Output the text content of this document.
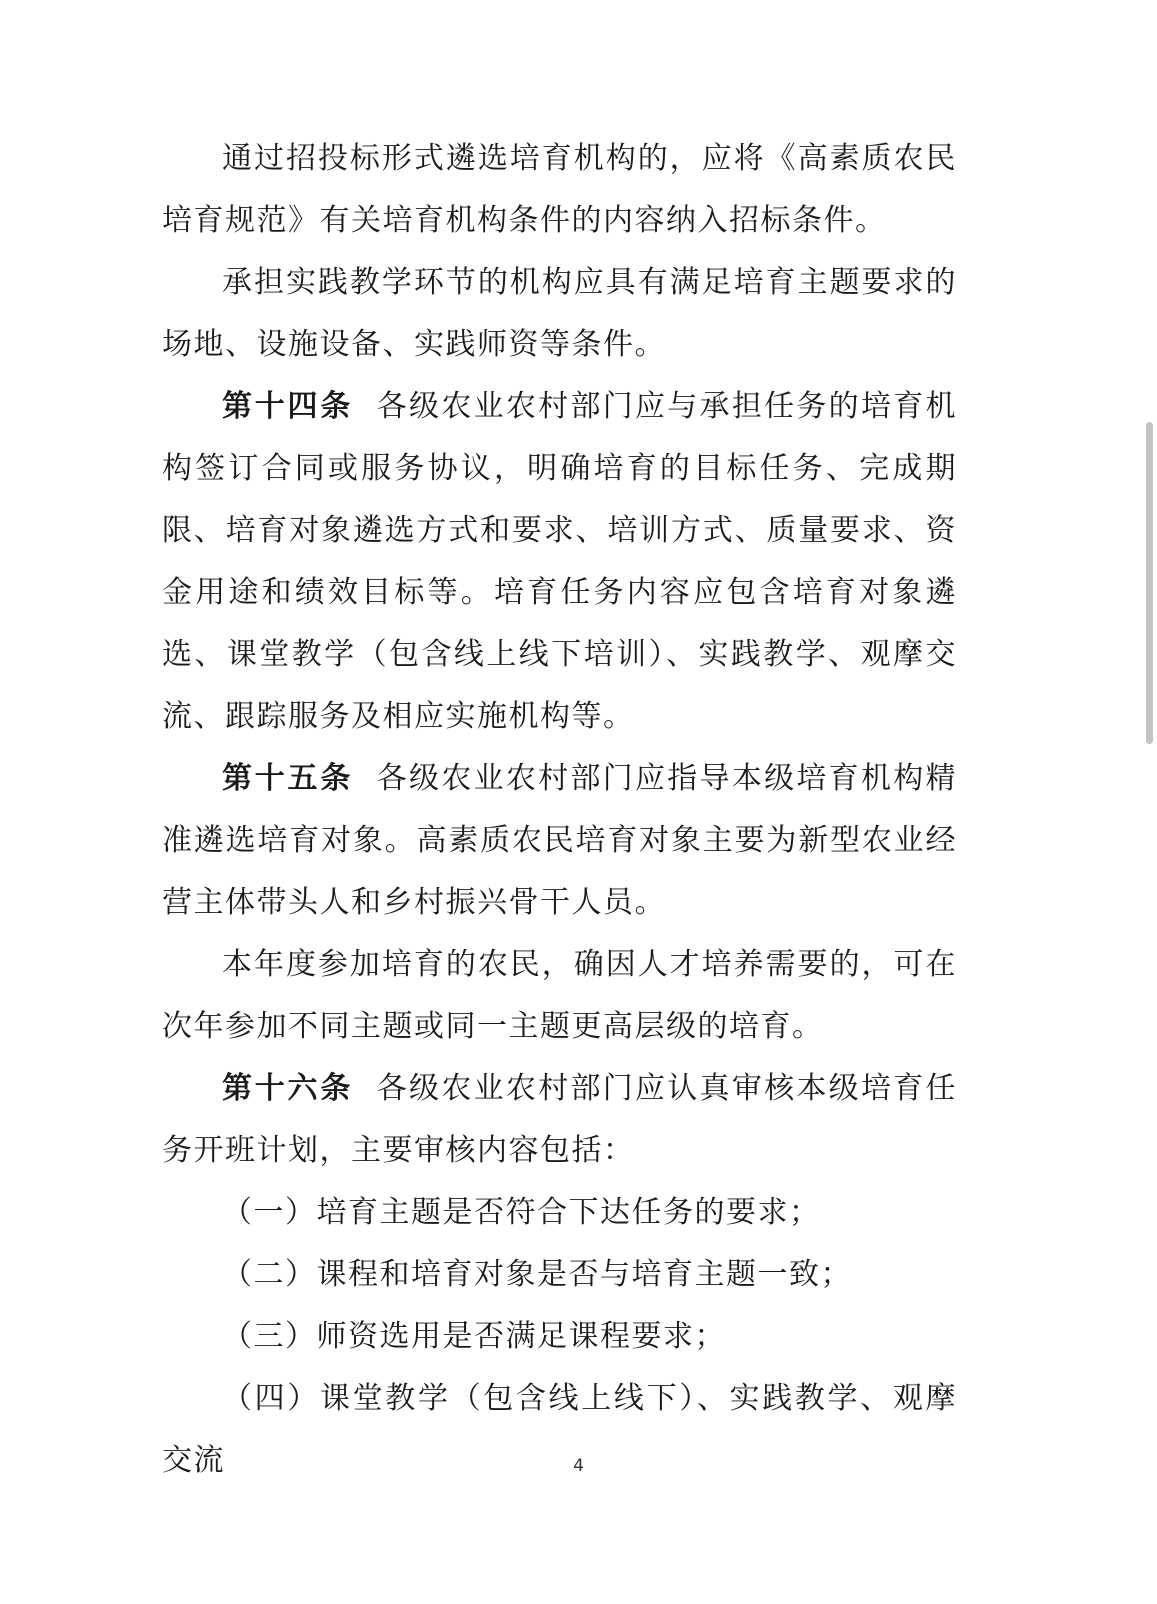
通过招投标形式遴选培育机构的，应将《高素质农民培育规范》有关培育机构条件的内容纳入招标条件。

承担实践教学环节的机构应具有满足培育主题要求的场地、设施设备、实践师资等条件。

第十四条 各级农业农村部门应与承担任务的培育机构签订合同或服务协议，明确培育的目标任务、完成期限、培育对象遴选方式和要求、培训方式、质量要求、资金用途和绩效目标等。培育任务内容应包含培育对象遴选、课堂教学（包含线上线下培训）、实践教学、观摩交流、跟踪服务及相应实施机构等。

第十五条 各级农业农村部门应指导本级培育机构精准遴选培育对象。高素质农民培育对象主要为新型农业经营主体带头人和乡村振兴骨干人员。

本年度参加培育的农民，确因人才培养需要的，可在次年参加不同主题或同一主题更高层级的培育。

第十六条 各级农业农村部门应认真审核本级培育任务开班计划，主要审核内容包括：

（一）培育主题是否符合下达任务的要求；

（二）课程和培育对象是否与培育主题一致；

（三）师资选用是否满足课程要求；

（四）课堂教学（包含线上线下）、实践教学、观摩交流	4
